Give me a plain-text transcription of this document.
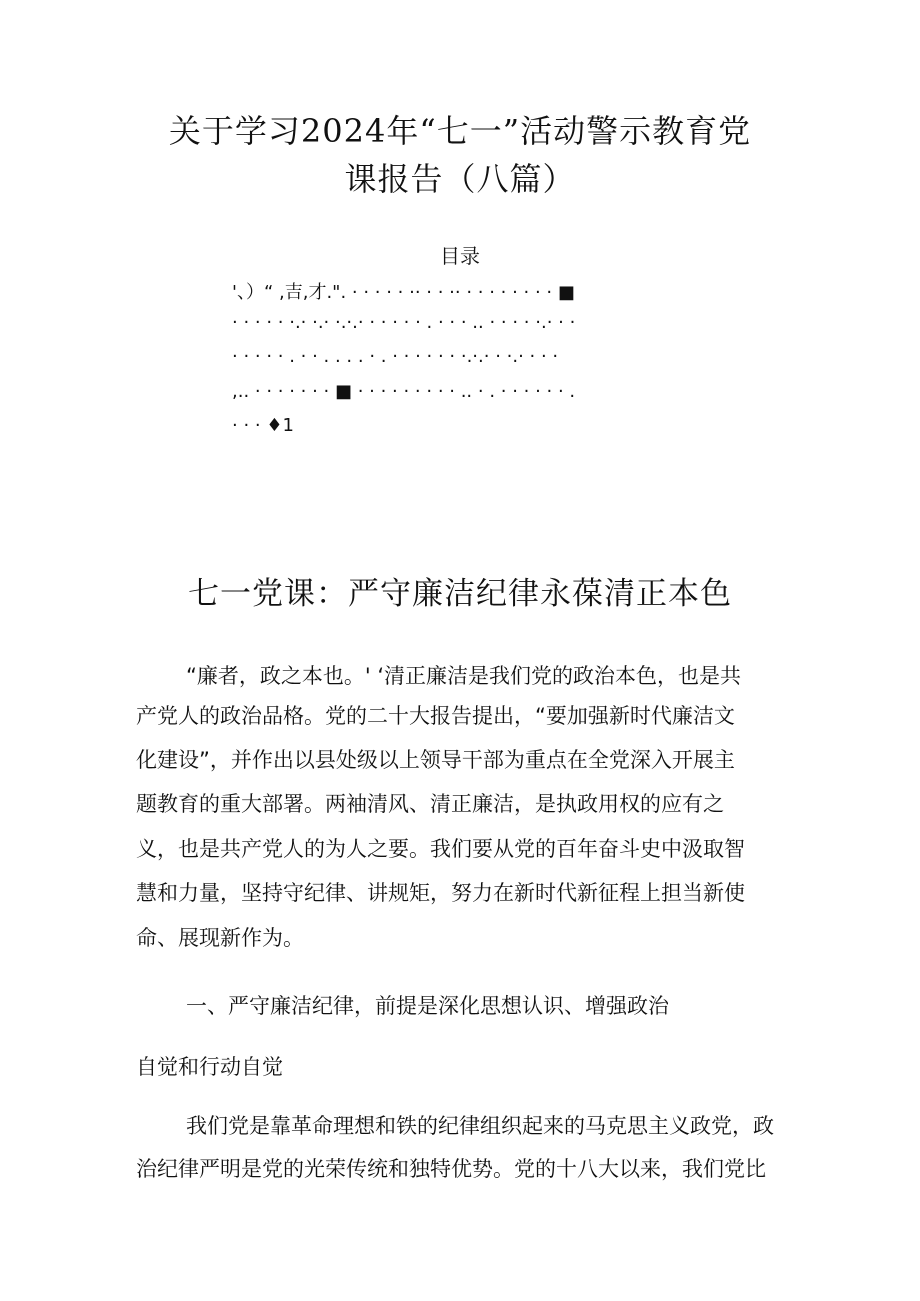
关于学习2024年“七一”活动警示教育党
课报告（八篇）
目录
'、）“ ,吉,才.". · · · · · ·· · · ·· · · · · · · · · ■
· · · · · ·.· ·.· ·.·.· · · · · · . · · · .. · · · · ·.· · ·
· · · · · . · · . . . . · . · · · · · · ·.·.· · ·.· · · ·
,.. · · · · · · · ■ · · · · · · · · · .. · . · · · · · · .
· · · ♦1
七一党课：严守廉洁纪律永葆清正本色
“廉者，政之本也。' ‘清正廉洁是我们党的政治本色，也是共
产党人的政治品格。党的二十大报告提出，“要加强新时代廉洁文
化建设”，并作出以县处级以上领导干部为重点在全党深入开展主
题教育的重大部署。两袖清风、清正廉洁，是执政用权的应有之
义，也是共产党人的为人之要。我们要从党的百年奋斗史中汲取智
慧和力量，坚持守纪律、讲规矩，努力在新时代新征程上担当新使
命、展现新作为。
一、严守廉洁纪律，前提是深化思想认识、增强政治
自觉和行动自觉
我们党是靠革命理想和铁的纪律组织起来的马克思主义政党，政
治纪律严明是党的光荣传统和独特优势。党的十八大以来，我们党比
